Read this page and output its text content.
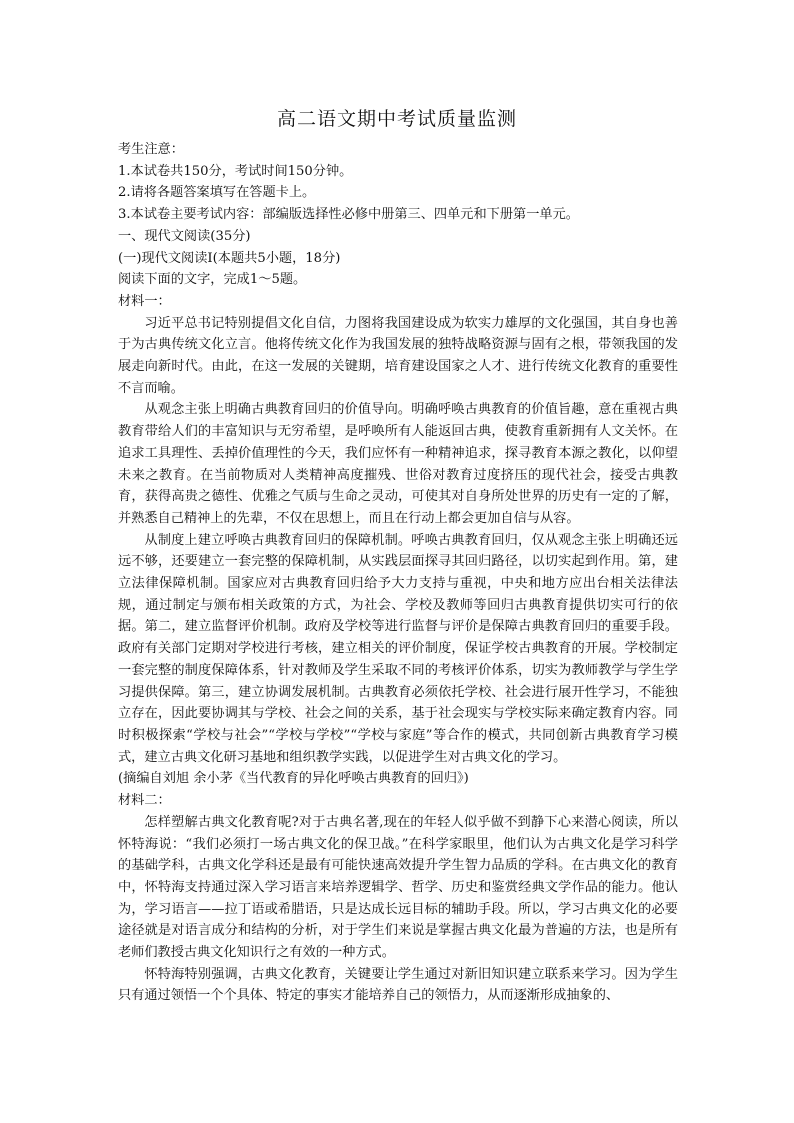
高二语文期中考试质量监测

考生注意：

1.本试卷共150分，考试时间150分钟。

2.请将各题答案填写在答题卡上。

3.本试卷主要考试内容：部编版选择性必修中册第三、四单元和下册第一单元。

一、现代文阅读(35分)

(一)现代文阅读Ⅰ(本题共5小题，18分)

阅读下面的文字，完成1～5题。

材料一：

习近平总书记特别提倡文化自信，力图将我国建设成为软实力雄厚的文化强国，其自身也善于为古典传统文化立言。他将传统文化作为我国发展的独特战略资源与固有之根，带领我国的发展走向新时代。由此，在这一发展的关键期，培育建设国家之人才、进行传统文化教育的重要性不言而喻。

从观念主张上明确古典教育回归的价值导向。明确呼唤古典教育的价值旨趣，意在重视古典教育带给人们的丰富知识与无穷希望，是呼唤所有人能返回古典，使教育重新拥有人文关怀。在追求工具理性、丢掉价值理性的今天，我们应怀有一种精神追求，探寻教育本源之教化，以仰望未来之教育。在当前物质对人类精神高度摧残、世俗对教育过度挤压的现代社会，接受古典教育，获得高贵之德性、优雅之气质与生命之灵动，可使其对自身所处世界的历史有一定的了解，并熟悉自己精神上的先辈，不仅在思想上，而且在行动上都会更加自信与从容。

从制度上建立呼唤古典教育回归的保障机制。呼唤古典教育回归，仅从观念主张上明确还远远不够，还要建立一套完整的保障机制，从实践层面探寻其回归路径，以切实起到作用。第，建立法律保障机制。国家应对古典教育回归给予大力支持与重视，中央和地方应出台相关法律法规，通过制定与颁布相关政策的方式，为社会、学校及教师等回归古典教育提供切实可行的依据。第二，建立监督评价机制。政府及学校等进行监督与评价是保障古典教育回归的重要手段。政府有关部门定期对学校进行考核，建立相关的评价制度，保证学校古典教育的开展。学校制定一套完整的制度保障体系，针对教师及学生采取不同的考核评价体系，切实为教师教学与学生学习提供保障。第三，建立协调发展机制。古典教育必须依托学校、社会进行展开性学习，不能独立存在，因此要协调其与学校、社会之间的关系，基于社会现实与学校实际来确定教育内容。同时积极探索“学校与社会”“学校与学校”“学校与家庭”等合作的模式，共同创新古典教育学习模式，建立古典文化研习基地和组织教学实践，以促进学生对古典文化的学习。

(摘编自刘旭 余小茅《当代教育的异化呼唤古典教育的回归》)

材料二：

怎样塑解古典文化教育呢?对于古典名著,现在的年轻人似乎做不到静下心来潜心阅读，所以怀特海说：“我们必须打一场古典文化的保卫战。”在科学家眼里，他们认为古典文化是学习科学的基础学科，古典文化学科还是最有可能快速高效提升学生智力品质的学科。在古典文化的教育中，怀特海支持通过深入学习语言来培养逻辑学、哲学、历史和鉴赏经典文学作品的能力。他认为，学习语言——拉丁语或希腊语，只是达成长远目标的辅助手段。所以，学习古典文化的必要途径就是对语言成分和结构的分析，对于学生们来说是掌握古典文化最为普遍的方法，也是所有老师们教授古典文化知识行之有效的一种方式。

怀特海特别强调，古典文化教育，关键要让学生通过对新旧知识建立联系来学习。因为学生只有通过领悟一个个具体、特定的事实才能培养自己的领悟力，从而逐渐形成抽象的、
